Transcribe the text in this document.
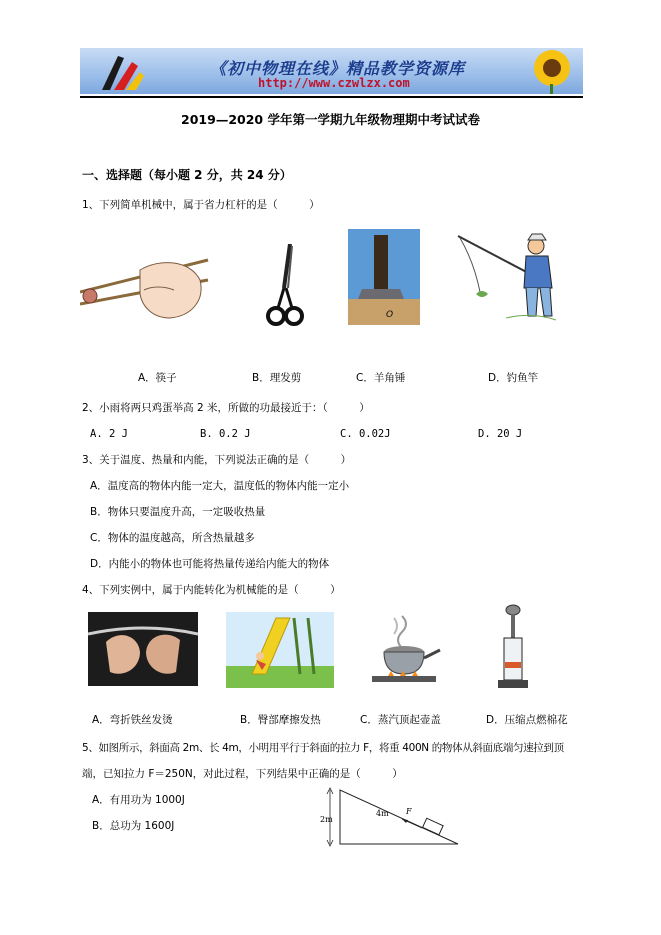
《初中物理在线》精品教学资源库
http://www.czwlzx.com
2019—2020 学年第一学期九年级物理期中考试试卷
一、选择题（每小题 2 分，共 24 分）
1、下列简单机械中，属于省力杠杆的是（　　　）
O
A．筷子	B．理发剪	C．羊角锤	D．钓鱼竿
2、小雨将两只鸡蛋举高 2 米，所做的功最接近于：（　　　）
A. 2 J	B. 0.2 J	C. 0.02J	D. 20 J
3、关于温度、热量和内能，下列说法正确的是（　　　）
A．温度高的物体内能一定大，温度低的物体内能一定小
B．物体只要温度升高，一定吸收热量
C．物体的温度越高，所含热量越多
D．内能小的物体也可能将热量传递给内能大的物体
4、下列实例中，属于内能转化为机械能的是（　　　）
A．弯折铁丝发烫	B．臀部摩擦发热	C．蒸汽顶起壶盖	D．压缩点燃棉花
5、如图所示，斜面高 2m、长 4m，小明用平行于斜面的拉力 F，将重 400N 的物体从斜面底端匀速拉到顶
端，已知拉力 F＝250N，对此过程，下列结果中正确的是（　　　）
A．有用功为 1000J
B．总功为 1600J
2m
4m F
